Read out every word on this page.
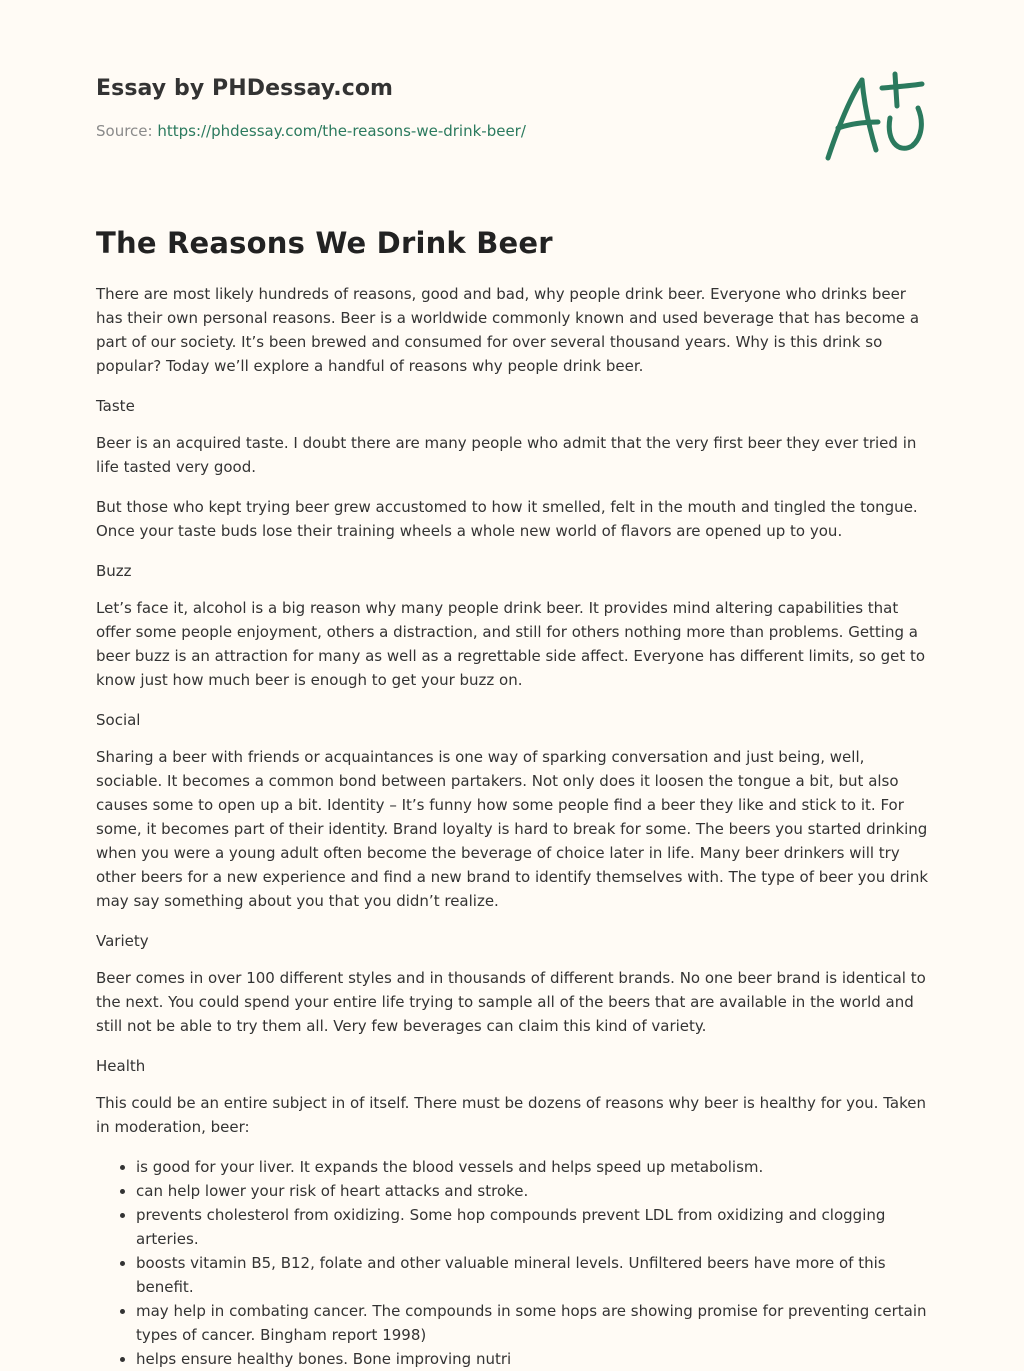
Essay by PHDessay.com
Source: https://phdessay.com/the-reasons-we-drink-beer/
The Reasons We Drink Beer

There are most likely hundreds of reasons, good and bad, why people drink beer. Everyone who drinks beer has their own personal reasons. Beer is a worldwide commonly known and used beverage that has become a part of our society. It’s been brewed and consumed for over several thousand years. Why is this drink so popular? Today we’ll explore a handful of reasons why people drink beer.

Taste

Beer is an acquired taste. I doubt there are many people who admit that the very first beer they ever tried in life tasted very good.

But those who kept trying beer grew accustomed to how it smelled, felt in the mouth and tingled the tongue. Once your taste buds lose their training wheels a whole new world of flavors are opened up to you.

Buzz

Let’s face it, alcohol is a big reason why many people drink beer. It provides mind altering capabilities that offer some people enjoyment, others a distraction, and still for others nothing more than problems. Getting a beer buzz is an attraction for many as well as a regrettable side affect. Everyone has different limits, so get to know just how much beer is enough to get your buzz on.

Social

Sharing a beer with friends or acquaintances is one way of sparking conversation and just being, well, sociable. It becomes a common bond between partakers. Not only does it loosen the tongue a bit, but also causes some to open up a bit. Identity – It’s funny how some people find a beer they like and stick to it. For some, it becomes part of their identity. Brand loyalty is hard to break for some. The beers you started drinking when you were a young adult often become the beverage of choice later in life. Many beer drinkers will try other beers for a new experience and find a new brand to identify themselves with. The type of beer you drink may say something about you that you didn’t realize.

Variety

Beer comes in over 100 different styles and in thousands of different brands. No one beer brand is identical to the next. You could spend your entire life trying to sample all of the beers that are available in the world and still not be able to try them all. Very few beverages can claim this kind of variety.

Health

This could be an entire subject in of itself. There must be dozens of reasons why beer is healthy for you. Taken in moderation, beer:

• is good for your liver. It expands the blood vessels and helps speed up metabolism.
• can help lower your risk of heart attacks and stroke.
• prevents cholesterol from oxidizing. Some hop compounds prevent LDL from oxidizing and clogging arteries.
• boosts vitamin B5, B12, folate and other valuable mineral levels. Unfiltered beers have more of this benefit.
• may help in combating cancer. The compounds in some hops are showing promise for preventing certain types of cancer. Bingham report 1998)
• helps ensure healthy bones. Bone improving nutri
